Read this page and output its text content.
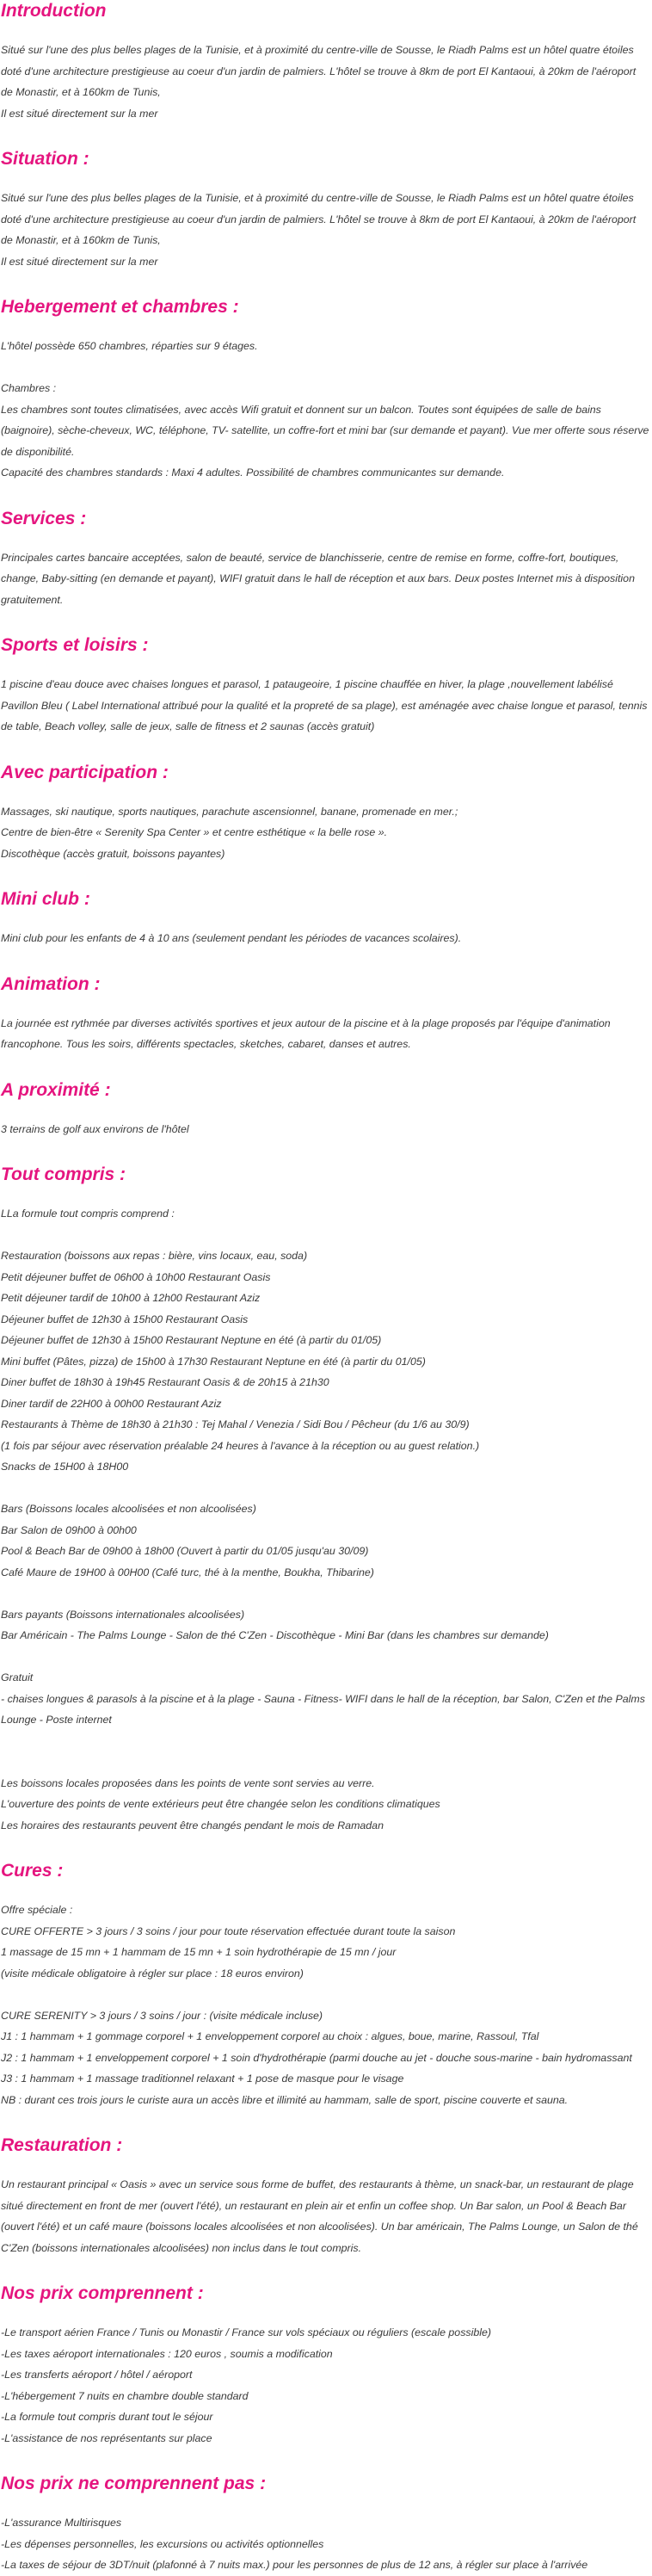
Introduction

Situé sur l'une des plus belles plages de la Tunisie, et à proximité du centre-ville de Sousse, le Riadh Palms est un hôtel quatre étoiles doté d'une architecture prestigieuse au coeur d'un jardin de palmiers. L'hôtel se trouve à 8km de port El Kantaoui, à 20km de l'aéroport de Monastir, et à 160km de Tunis,
Il est situé directement sur la mer

Situation :

Situé sur l'une des plus belles plages de la Tunisie, et à proximité du centre-ville de Sousse, le Riadh Palms est un hôtel quatre étoiles doté d'une architecture prestigieuse au coeur d'un jardin de palmiers. L'hôtel se trouve à 8km de port El Kantaoui, à 20km de l'aéroport de Monastir, et à 160km de Tunis,
Il est situé directement sur la mer

Hebergement et chambres :

L'hôtel possède 650 chambres, réparties sur 9 étages.

Chambres :
Les chambres sont toutes climatisées, avec accès Wifi gratuit et donnent sur un balcon. Toutes sont équipées de salle de bains (baignoire), sèche-cheveux, WC, téléphone, TV- satellite, un coffre-fort et mini bar (sur demande et payant). Vue mer offerte sous réserve de disponibilité.
Capacité des chambres standards : Maxi 4 adultes. Possibilité de chambres communicantes sur demande.

Services :

Principales cartes bancaire acceptées, salon de beauté, service de blanchisserie, centre de remise en forme, coffre-fort, boutiques, change, Baby-sitting (en demande et payant), WIFI gratuit dans le hall de réception et aux bars. Deux postes Internet mis à disposition gratuitement.

Sports et loisirs :

1 piscine d'eau douce avec chaises longues et parasol, 1 pataugeoire, 1 piscine chauffée en hiver, la plage ,nouvellement labélisé Pavillon Bleu ( Label International attribué pour la qualité et la propreté de sa plage), est aménagée avec chaise longue et parasol, tennis de table, Beach volley, salle de jeux, salle de fitness et 2 saunas (accès gratuit)

Avec participation :

Massages, ski nautique, sports nautiques, parachute ascensionnel, banane, promenade en mer.;
Centre de bien-être « Serenity Spa Center » et centre esthétique « la belle rose ».
Discothèque (accès gratuit, boissons payantes)

Mini club :

Mini club pour les enfants de 4 à 10 ans (seulement pendant les périodes de vacances scolaires).

Animation :

La journée est rythmée par diverses activités sportives et jeux autour de la piscine et à la plage proposés par l'équipe d'animation francophone. Tous les soirs, différents spectacles, sketches, cabaret, danses et autres.

A proximité :

3 terrains de golf aux environs de l'hôtel

Tout compris :

LLa formule tout compris comprend :

Restauration (boissons aux repas : bière, vins locaux, eau, soda)
Petit déjeuner buffet de 06h00 à 10h00 Restaurant Oasis
Petit déjeuner tardif de 10h00 à 12h00 Restaurant Aziz
Déjeuner buffet de 12h30 à 15h00 Restaurant Oasis
Déjeuner buffet de 12h30 à 15h00 Restaurant Neptune en été (à partir du 01/05)
Mini buffet (Pâtes, pizza) de 15h00 à 17h30 Restaurant Neptune en été (à partir du 01/05)
Diner buffet de 18h30 à 19h45 Restaurant Oasis & de 20h15 à 21h30
Diner tardif de 22H00 à 00h00 Restaurant Aziz
Restaurants à Thème de 18h30 à 21h30 : Tej Mahal / Venezia / Sidi Bou / Pêcheur (du 1/6 au 30/9)
(1 fois par séjour avec réservation préalable 24 heures à l'avance à la réception ou au guest relation.)
Snacks de 15H00 à 18H00

Bars (Boissons locales alcoolisées et non alcoolisées)
Bar Salon de 09h00 à 00h00
Pool & Beach Bar de 09h00 à 18h00 (Ouvert à partir du 01/05 jusqu'au 30/09)
Café Maure de 19H00 à 00H00 (Café turc, thé à la menthe, Boukha, Thibarine)

Bars payants (Boissons internationales alcoolisées)
Bar Américain - The Palms Lounge - Salon de thé C'Zen - Discothèque - Mini Bar (dans les chambres sur demande)

Gratuit
- chaises longues & parasols à la piscine et à la plage - Sauna - Fitness- WIFI dans le hall de la réception, bar Salon, C'Zen et the Palms Lounge - Poste internet

Les boissons locales proposées dans les points de vente sont servies au verre.
L'ouverture des points de vente extérieurs peut être changée selon les conditions climatiques
Les horaires des restaurants peuvent être changés pendant le mois de Ramadan

Cures :

Offre spéciale :
CURE OFFERTE > 3 jours / 3 soins / jour pour toute réservation effectuée durant toute la saison
1 massage de 15 mn + 1 hammam de 15 mn + 1 soin hydrothérapie de 15 mn / jour
(visite médicale obligatoire à régler sur place : 18 euros environ)

CURE SERENITY > 3 jours / 3 soins / jour : (visite médicale incluse)
J1 : 1 hammam + 1 gommage corporel + 1 enveloppement corporel au choix : algues, boue, marine, Rassoul, Tfal
J2 : 1 hammam + 1 enveloppement corporel + 1 soin d'hydrothérapie (parmi douche au jet - douche sous-marine - bain hydromassant
J3 : 1 hammam + 1 massage traditionnel relaxant + 1 pose de masque pour le visage
NB : durant ces trois jours le curiste aura un accès libre et illimité au hammam, salle de sport, piscine couverte et sauna.

Restauration :

Un restaurant principal « Oasis » avec un service sous forme de buffet, des restaurants à thème, un snack-bar, un restaurant de plage situé directement en front de mer (ouvert l'été), un restaurant en plein air et enfin un coffee shop. Un Bar salon, un Pool & Beach Bar (ouvert l'été) et un café maure (boissons locales alcoolisées et non alcoolisées). Un bar américain, The Palms Lounge, un Salon de thé C'Zen (boissons internationales alcoolisées) non inclus dans le tout compris.

Nos prix comprennent :

-Le transport aérien France / Tunis ou Monastir / France sur vols spéciaux ou réguliers (escale possible)
-Les taxes aéroport internationales : 120 euros , soumis a modification
-Les transferts aéroport / hôtel / aéroport
-L'hébergement 7 nuits en chambre double standard
-La formule tout compris durant tout le séjour
-L'assistance de nos représentants sur place

Nos prix ne comprennent pas :

-L'assurance Multirisques
-Les dépenses personnelles, les excursions ou activités optionnelles
-La taxes de séjour de 3DT/nuit (plafonné à 7 nuits max.) pour les personnes de plus de 12 ans, à régler sur place à l'arrivée
